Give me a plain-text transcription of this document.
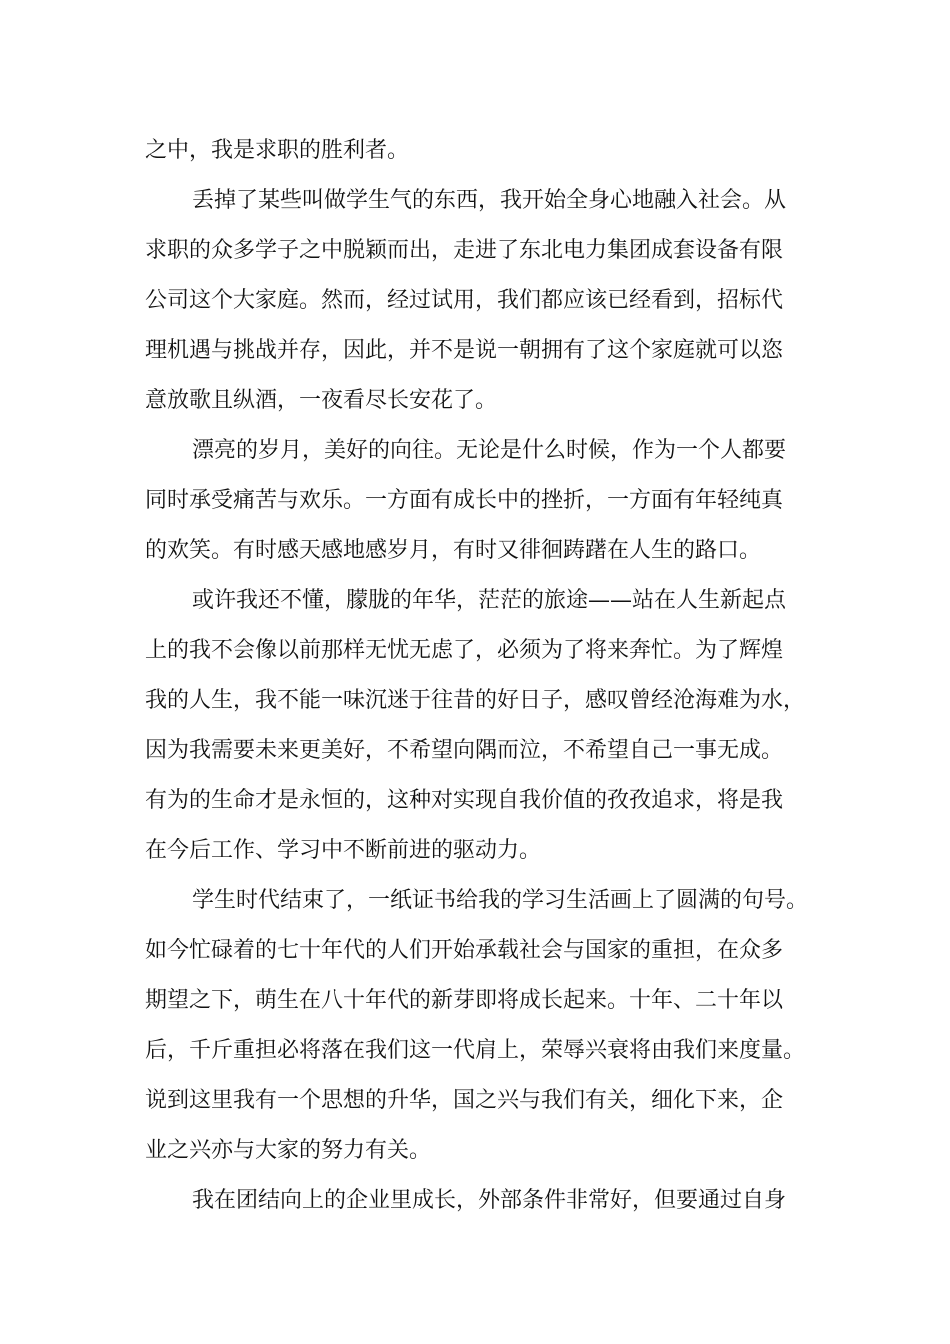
之中，我是求职的胜利者。
丢掉了某些叫做学生气的东西，我开始全身心地融入社会。从
求职的众多学子之中脱颖而出，走进了东北电力集团成套设备有限
公司这个大家庭。然而，经过试用，我们都应该已经看到，招标代
理机遇与挑战并存，因此，并不是说一朝拥有了这个家庭就可以恣
意放歌且纵酒，一夜看尽长安花了。
漂亮的岁月，美好的向往。无论是什么时候，作为一个人都要
同时承受痛苦与欢乐。一方面有成长中的挫折，一方面有年轻纯真
的欢笑。有时感天感地感岁月，有时又徘徊踌躇在人生的路口。
或许我还不懂，朦胧的年华，茫茫的旅途——站在人生新起点
上的我不会像以前那样无忧无虑了，必须为了将来奔忙。为了辉煌
我的人生，我不能一味沉迷于往昔的好日子，感叹曾经沧海难为水，
因为我需要未来更美好，不希望向隅而泣，不希望自己一事无成。
有为的生命才是永恒的，这种对实现自我价值的孜孜追求，将是我
在今后工作、学习中不断前进的驱动力。
学生时代结束了，一纸证书给我的学习生活画上了圆满的句号。
如今忙碌着的七十年代的人们开始承载社会与国家的重担，在众多
期望之下，萌生在八十年代的新芽即将成长起来。十年、二十年以
后，千斤重担必将落在我们这一代肩上，荣辱兴衰将由我们来度量。
说到这里我有一个思想的升华，国之兴与我们有关，细化下来，企
业之兴亦与大家的努力有关。
我在团结向上的企业里成长，外部条件非常好，但要通过自身
